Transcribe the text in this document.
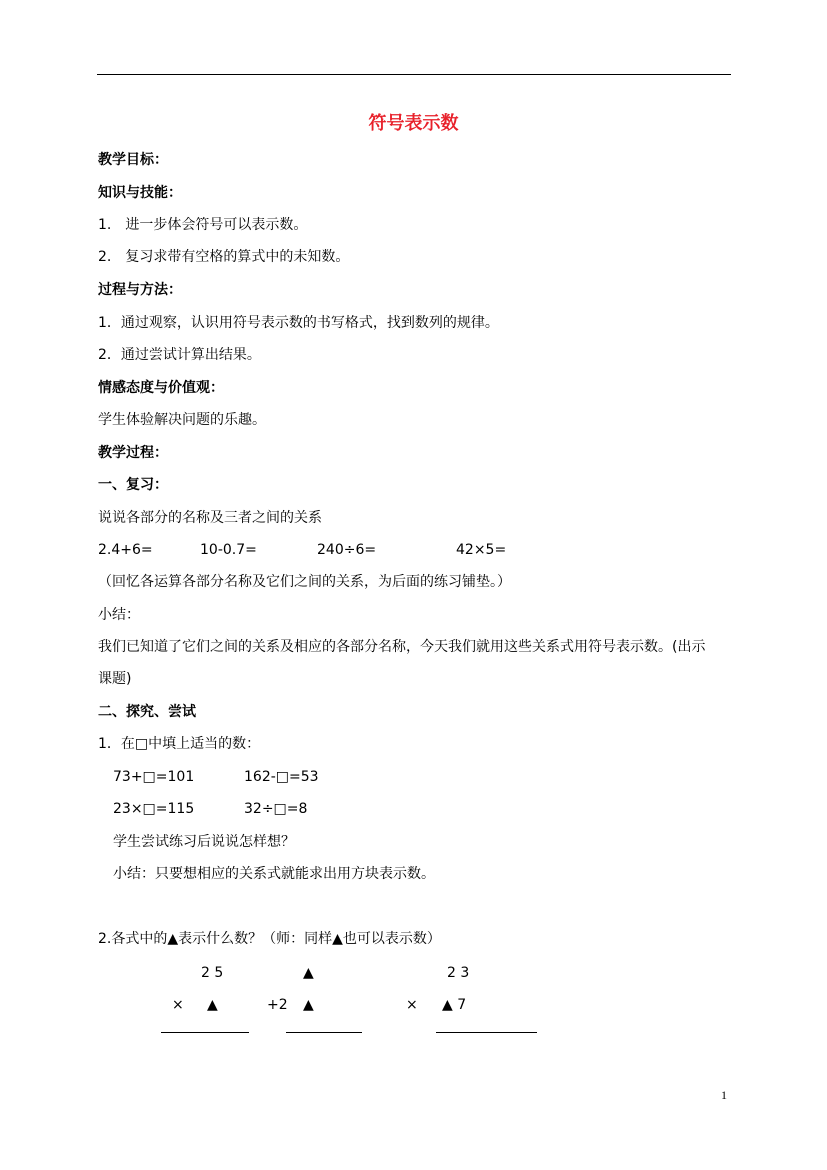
符号表示数
教学目标：
知识与技能：
1.　进一步体会符号可以表示数。
2.　复习求带有空格的算式中的未知数。
过程与方法：
1．通过观察，认识用符号表示数的书写格式，找到数列的规律。
2．通过尝试计算出结果。
情感态度与价值观：
学生体验解决问题的乐趣。
教学过程：
一、复习：
说说各部分的名称及三者之间的关系
2.4+6=	10-0.7=	240÷6=	42×5=
（回忆各运算各部分名称及它们之间的关系，为后面的练习铺垫。）
小结：
我们已知道了它们之间的关系及相应的各部分名称，今天我们就用这些关系式用符号表示数。(出示
课题)
二、探究、尝试
1．在□中填上适当的数：
73+□=101	162-□=53
23×□=115	32÷□=8
学生尝试练习后说说怎样想？
小结：只要想相应的关系式就能求出用方块表示数。
2.各式中的▲表示什么数？（师：同样▲也可以表示数）
2 5
× ▲
▲
+2 ▲
2 3
× ▲ 7
1
